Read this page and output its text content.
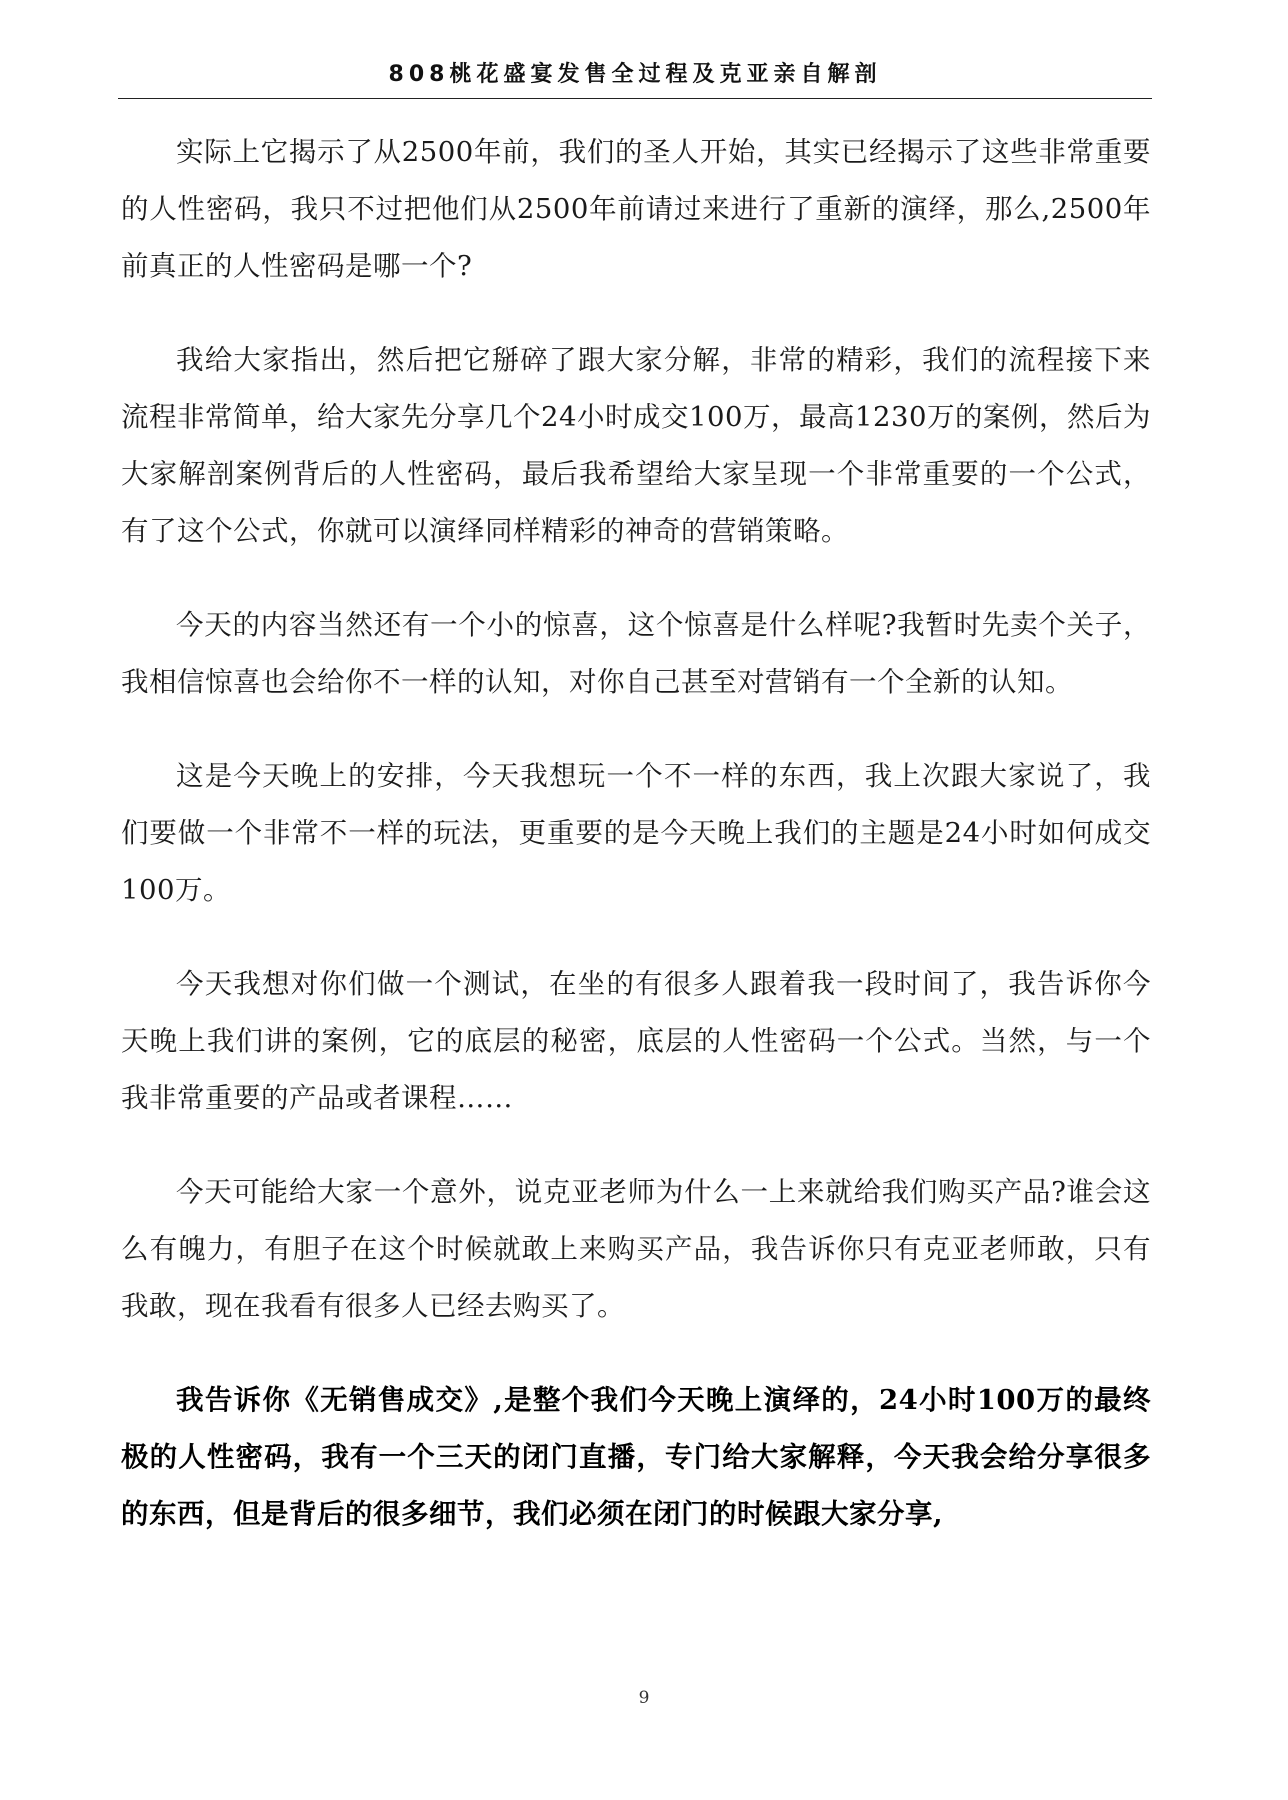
808桃花盛宴发售全过程及克亚亲自解剖

实际上它揭示了从2500年前，我们的圣人开始，其实已经揭示了这些非常重要的人性密码，我只不过把他们从2500年前请过来进行了重新的演绎，那么,2500年前真正的人性密码是哪一个?

我给大家指出，然后把它掰碎了跟大家分解，非常的精彩，我们的流程接下来流程非常简单，给大家先分享几个24小时成交100万，最高1230万的案例，然后为大家解剖案例背后的人性密码，最后我希望给大家呈现一个非常重要的一个公式，有了这个公式，你就可以演绎同样精彩的神奇的营销策略。

今天的内容当然还有一个小的惊喜，这个惊喜是什么样呢?我暂时先卖个关子，我相信惊喜也会给你不一样的认知，对你自己甚至对营销有一个全新的认知。

这是今天晚上的安排，今天我想玩一个不一样的东西，我上次跟大家说了，我们要做一个非常不一样的玩法，更重要的是今天晚上我们的主题是24小时如何成交100万。

今天我想对你们做一个测试，在坐的有很多人跟着我一段时间了，我告诉你今天晚上我们讲的案例，它的底层的秘密，底层的人性密码一个公式。当然，与一个我非常重要的产品或者课程……

今天可能给大家一个意外，说克亚老师为什么一上来就给我们购买产品?谁会这么有魄力，有胆子在这个时候就敢上来购买产品，我告诉你只有克亚老师敢，只有我敢，现在我看有很多人已经去购买了。

我告诉你《无销售成交》,是整个我们今天晚上演绎的，24小时100万的最终极的人性密码，我有一个三天的闭门直播，专门给大家解释，今天我会给分享很多的东西，但是背后的很多细节，我们必须在闭门的时候跟大家分享,

9
